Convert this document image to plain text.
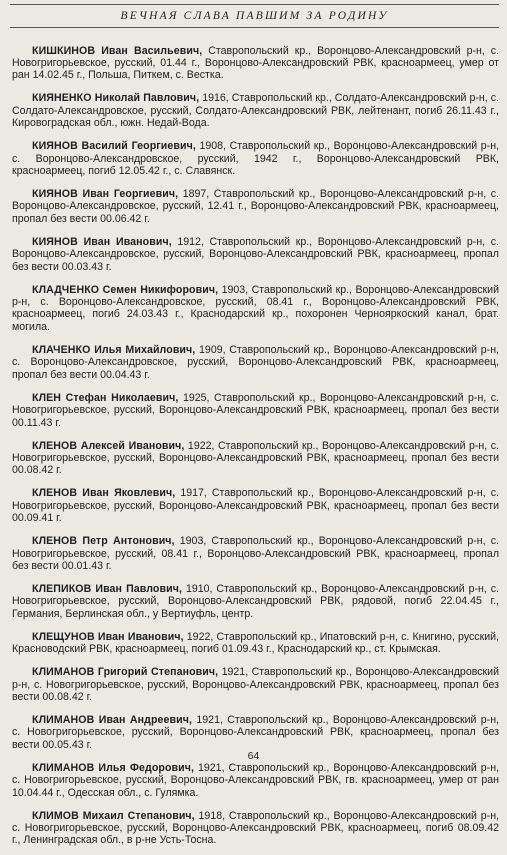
ВЕЧНАЯ СЛАВА ПАВШИМ ЗА РОДИНУ

КИШКИНОВ Иван Васильевич, Ставропольский кр., Воронцово-Александровский р-н, с. Новогригорьевское, русский, 01.44 г., Воронцово-Александровский РВК, красноармеец, умер от ран 14.02.45 г., Польша, Питкем, с. Вестка.

КИЯНЕНКО Николай Павлович, 1916, Ставропольский кр., Солдато-Александровский р-н, с. Солдато-Александровское, русский, Солдато-Александровский РВК, лейтенант, погиб 26.11.43 г., Кировоградская обл., южн. Недай-Вода.

КИЯНОВ Василий Георгиевич, 1908, Ставропольский кр., Воронцово-Александровский р-н, с. Воронцово-Александровское, русский, 1942 г., Воронцово-Александровский РВК, красноармеец, погиб 12.05.42 г., с. Славянск.

КИЯНОВ Иван Георгиевич, 1897, Ставропольский кр., Воронцово-Александровский р-н, с. Воронцово-Александровское, русский, 12.41 г., Воронцово-Александровский РВК, красноармеец, пропал без вести 00.06.42 г.

КИЯНОВ Иван Иванович, 1912, Ставропольский кр., Воронцово-Александровский р-н, с. Воронцово-Александровское, русский, Воронцово-Александровский РВК, красноармеец, пропал без вести 00.03.43 г.

КЛАДЧЕНКО Семен Никифорович, 1903, Ставропольский кр., Воронцово-Александровский р-н, с. Воронцово-Александровское, русский, 08.41 г., Воронцово-Александровский РВК, красноармеец, погиб 24.03.43 г., Краснодарский кр., похоронен Чернояркоский канал, брат. могила.

КЛАЧЕНКО Илья Михайлович, 1909, Ставропольский кр., Воронцово-Александровский р-н, с. Воронцово-Александровское, русский, Воронцово-Александровский РВК, красноармеец, пропал без вести 00.04.43 г.

КЛЕН Стефан Николаевич, 1925, Ставропольский кр., Воронцово-Александровский р-н, с. Новогригорьевское, русский, Воронцово-Александровский РВК, красноармеец, пропал без вести 00.11.43 г.

КЛЕНОВ Алексей Иванович, 1922, Ставропольский кр., Воронцово-Александровский р-н, с. Новогригорьевское, русский, Воронцово-Александровский РВК, красноармеец, пропал без вести 00.08.42 г.

КЛЕНОВ Иван Яковлевич, 1917, Ставропольский кр., Воронцово-Александровский р-н, с. Новогригорьевское, русский, Воронцово-Александровский РВК, красноармеец, пропал без вести 00.09.41 г.

КЛЕНОВ Петр Антонович, 1903, Ставропольский кр., Воронцово-Александровский р-н, с. Новогригорьевское, русский, 08.41 г., Воронцово-Александровский РВК, красноармеец, пропал без вести 00.01.43 г.

КЛЕПИКОВ Иван Павлович, 1910, Ставропольский кр., Воронцово-Александровский р-н, с. Новогригорьевское, русский, Воронцово-Александровский РВК, рядовой, погиб 22.04.45 г., Германия, Берлинская обл., у Вертиуфль, центр.

КЛЕЩУНОВ Иван Иванович, 1922, Ставропольский кр., Ипатовский р-н, с. Книгино, русский, Красноводский РВК, красноармеец, погиб 01.09.43 г., Краснодарский кр., ст. Крымская.

КЛИМАНОВ Григорий Степанович, 1921, Ставропольский кр., Воронцово-Александровский р-н, с. Новогригорьевское, русский, Воронцово-Александровский РВК, красноармеец, пропал без вести 00.08.42 г.

КЛИМАНОВ Иван Андреевич, 1921, Ставропольский кр., Воронцово-Александровский р-н, с. Новогригорьевское, русский, Воронцово-Александровский РВК, красноармеец, пропал без вести 00.05.43 г.

КЛИМАНОВ Илья Федорович, 1921, Ставропольский кр., Воронцово-Александровский р-н, с. Новогригорьевское, русский, Воронцово-Александровский РВК, гв. красноармеец, умер от ран 10.04.44 г., Одесская обл., с. Гулямка.

КЛИМОВ Михаил Степанович, 1918, Ставропольский кр., Воронцово-Александровский р-н, с. Новогригорьевское, русский, Воронцово-Александровский РВК, красноармеец, погиб 08.09.42 г., Ленинградская обл., в р-не Усть-Тосна.

64
